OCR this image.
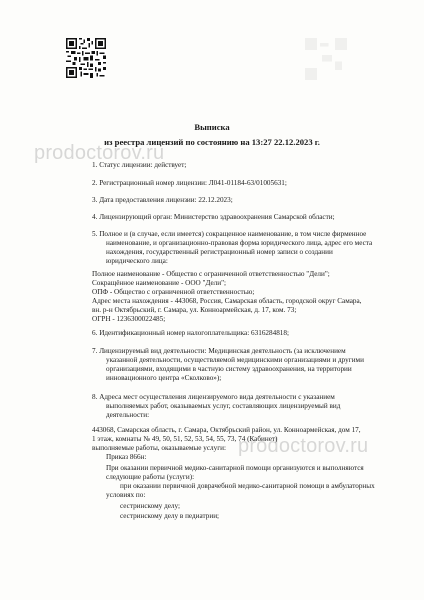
prodoctorov.ru
prodoctorov.ru
Выписка
из реестра лицензий по состоянию на 13:27 22.12.2023 г.
1. Статус лицензии: действует;
2. Регистрационный номер лицензии: Л041-01184-63/01005631;
3. Дата предоставления лицензии: 22.12.2023;
4. Лицензирующий орган: Министерство здравоохранения Самарской области;
5. Полное и (в случае, если имеется) сокращенное наименование, в том числе фирменное
наименование, и организационно-правовая форма юридического лица, адрес его места
нахождения, государственный регистрационный номер записи о создании
юридического лица:
Полное наименование - Общество с ограниченной ответственностью "Дели";
Сокращённое наименование - ООО "Дели";
ОПФ - Общество с ограниченной ответственностью;
Адрес места нахождения - 443068, Россия, Самарская область, городской округ Самара,
вн. р-н Октябрьский, г. Самара, ул. Коннoармейская, д. 17, ком. 73;
ОГРН - 1236300022485;
6. Идентификационный номер налогоплательщика: 6316284818;
7. Лицензируемый вид деятельности: Медицинская деятельность (за исключением
указанной деятельности, осуществляемой медицинскими организациями и другими
организациями, входящими в частную систему здравоохранения, на территории
инновационного центра «Сколково»);
8. Адреса мест осуществления лицензируемого вида деятельности с указанием
выполняемых работ, оказываемых услуг, составляющих лицензируемый вид
деятельности:
443068, Самарская область, г. Самара, Октябрьский район, ул. Коннoармейская, дом 17,
1 этаж, комнаты № 49, 50, 51, 52, 53, 54, 55, 73, 74 (Кабинет)
выполняемые работы, оказываемые услуги:
Приказ 866н:
При оказании первичной медико-санитарной помощи организуются и выполняются
следующие работы (услуги):
при оказании первичной доврачебной медико-санитарной помощи в амбулаторных
условиях по:
сестринскому делу;
сестринскому делу в педиатрии;
